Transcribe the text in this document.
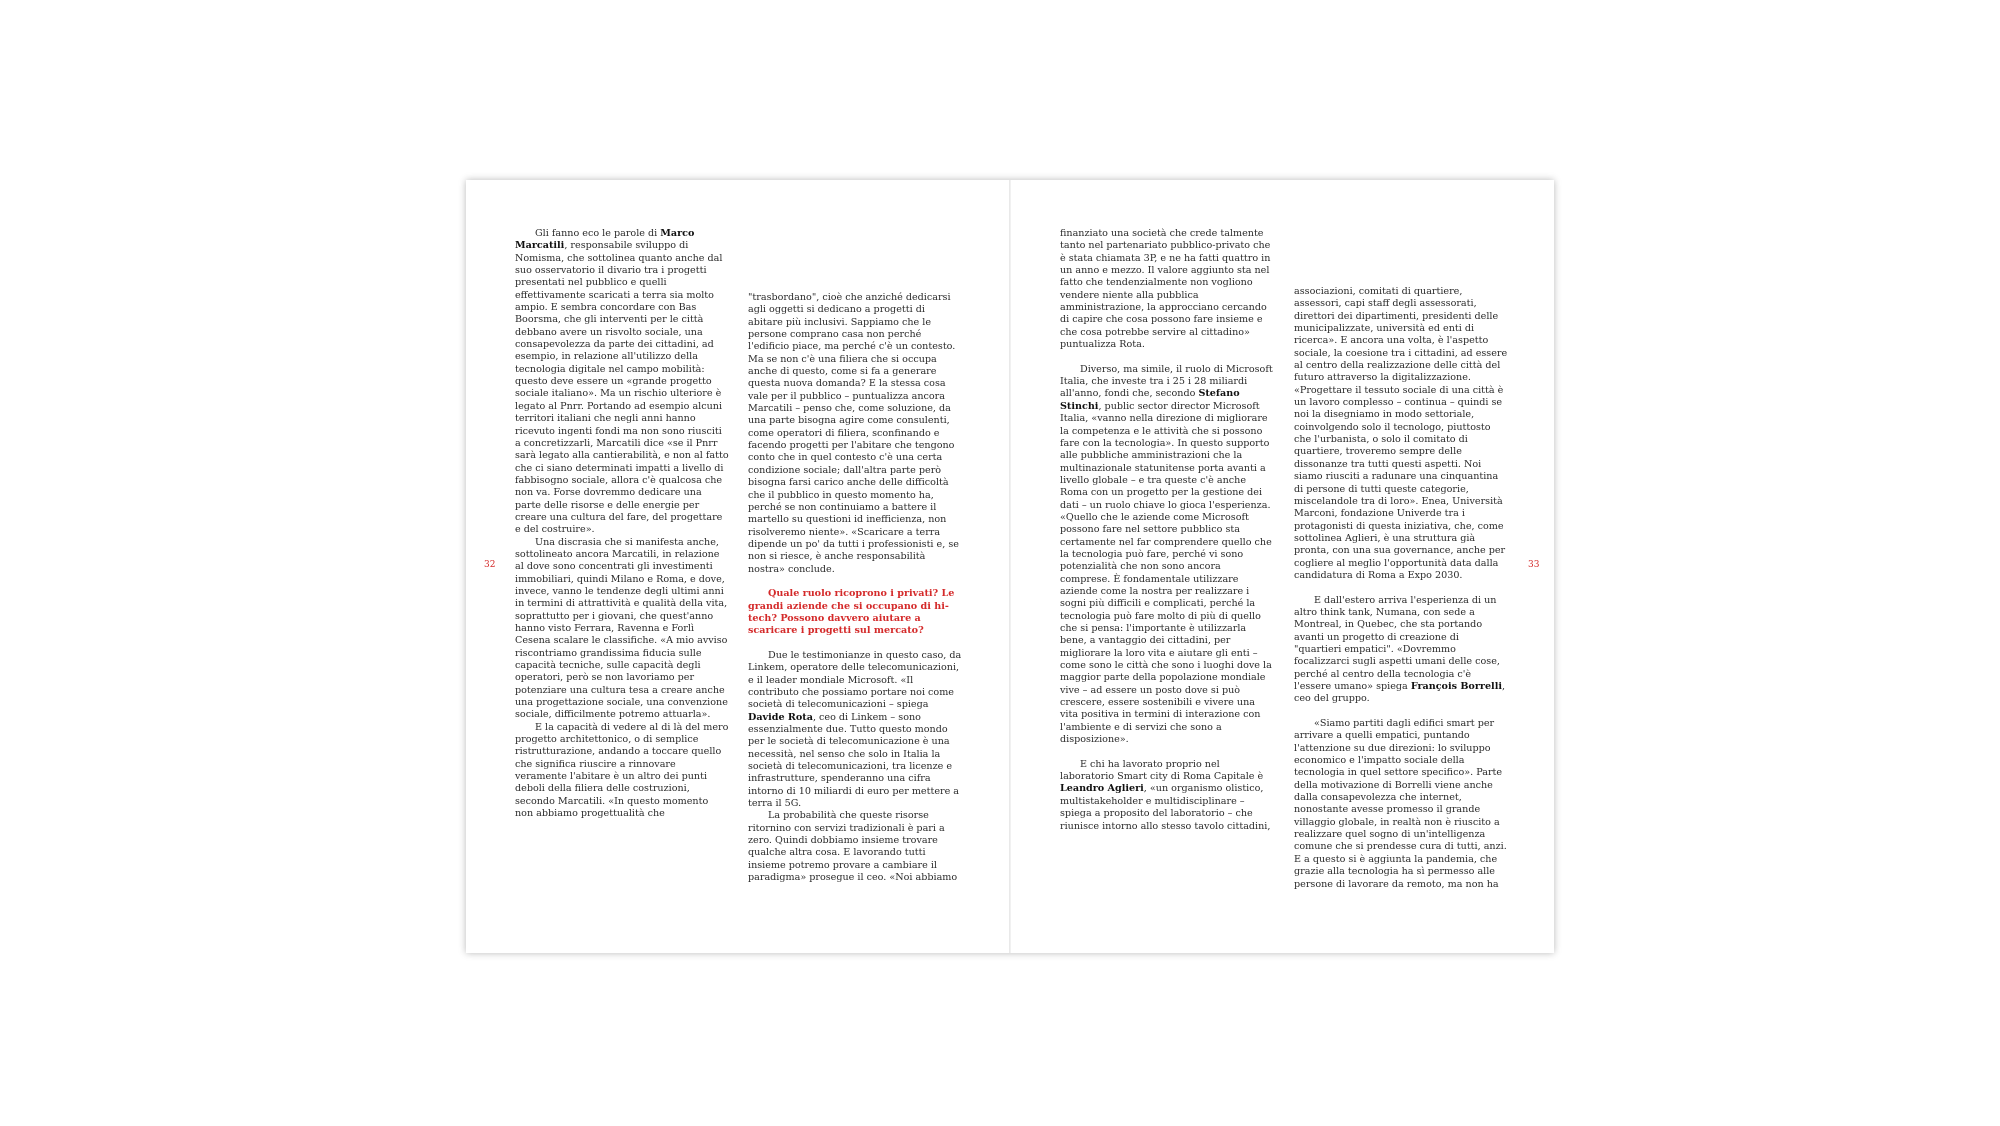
32	33

Gli fanno eco le parole di Marco Marcatili, responsabile sviluppo di Nomisma, che sottolinea quanto anche dal suo osservatorio il divario tra i progetti presentati nel pubblico e quelli effettivamente scaricati a terra sia molto ampio. E sembra concordare con Bas Boorsma, che gli interventi per le città debbano avere un risvolto sociale, una consapevolezza da parte dei cittadini, ad esempio, in relazione all'utilizzo della tecnologia digitale nel campo mobilità: questo deve essere un «grande progetto sociale italiano». Ma un rischio ulteriore è legato al Pnrr. Portando ad esempio alcuni territori italiani che negli anni hanno ricevuto ingenti fondi ma non sono riusciti a concretizzarli, Marcatili dice «se il Pnrr sarà legato alla cantierabilità, e non al fatto che ci siano determinati impatti a livello di fabbisogno sociale, allora c'è qualcosa che non va. Forse dovremmo dedicare una parte delle risorse e delle energie per creare una cultura del fare, del progettare e del costruire».

Una discrasia che si manifesta anche, sottolineato ancora Marcatili, in relazione al dove sono concentrati gli investimenti immobiliari, quindi Milano e Roma, e dove, invece, vanno le tendenze degli ultimi anni in termini di attrattività e qualità della vita, soprattutto per i giovani, che quest'anno hanno visto Ferrara, Ravenna e Forlì Cesena scalare le classifiche. «A mio avviso riscontriamo grandissima fiducia sulle capacità tecniche, sulle capacità degli operatori, però se non lavoriamo per potenziare una cultura tesa a creare anche una progettazione sociale, una convenzione sociale, difficilmente potremo attuarla».

E la capacità di vedere al di là del mero progetto architettonico, o di semplice ristrutturazione, andando a toccare quello che significa riuscire a rinnovare veramente l'abitare è un altro dei punti deboli della filiera delle costruzioni, secondo Marcatili. «In questo momento non abbiamo progettualità che

"trasbordano", cioè che anziché dedicarsi agli oggetti si dedicano a progetti di abitare più inclusivi. Sappiamo che le persone comprano casa non perché l'edificio piace, ma perché c'è un contesto. Ma se non c'è una filiera che si occupa anche di questo, come si fa a generare questa nuova domanda? E la stessa cosa vale per il pubblico – puntualizza ancora Marcatili – penso che, come soluzione, da una parte bisogna agire come consulenti, come operatori di filiera, sconfinando e facendo progetti per l'abitare che tengono conto che in quel contesto c'è una certa condizione sociale; dall'altra parte però bisogna farsi carico anche delle difficoltà che il pubblico in questo momento ha, perché se non continuiamo a battere il martello su questioni id inefficienza, non risolveremo niente». «Scaricare a terra dipende un po' da tutti i professionisti e, se non si riesce, è anche responsabilità nostra» conclude.

Quale ruolo ricoprono i privati? Le grandi aziende che si occupano di hi-tech? Possono davvero aiutare a scaricare i progetti sul mercato?

Due le testimonianze in questo caso, da Linkem, operatore delle telecomunicazioni, e il leader mondiale Microsoft. «Il contributo che possiamo portare noi come società di telecomunicazioni – spiega Davide Rota, ceo di Linkem – sono essenzialmente due. Tutto questo mondo per le società di telecomunicazione è una necessità, nel senso che solo in Italia la società di telecomunicazioni, tra licenze e infrastrutture, spenderanno una cifra intorno di 10 miliardi di euro per mettere a terra il 5G.

La probabilità che queste risorse ritornino con servizi tradizionali è pari a zero. Quindi dobbiamo insieme trovare qualche altra cosa. E lavorando tutti insieme potremo provare a cambiare il paradigma» prosegue il ceo. «Noi abbiamo

finanziato una società che crede talmente tanto nel partenariato pubblico-privato che è stata chiamata 3P, e ne ha fatti quattro in un anno e mezzo. Il valore aggiunto sta nel fatto che tendenzialmente non vogliono vendere niente alla pubblica amministrazione, la approcciano cercando di capire che cosa possono fare insieme e che cosa potrebbe servire al cittadino» puntualizza Rota.

Diverso, ma simile, il ruolo di Microsoft Italia, che investe tra i 25 i 28 miliardi all'anno, fondi che, secondo Stefano Stinchi, public sector director Microsoft Italia, «vanno nella direzione di migliorare la competenza e le attività che si possono fare con la tecnologia». In questo supporto alle pubbliche amministrazioni che la multinazionale statunitense porta avanti a livello globale – e tra queste c'è anche Roma con un progetto per la gestione dei dati – un ruolo chiave lo gioca l'esperienza. «Quello che le aziende come Microsoft possono fare nel settore pubblico sta certamente nel far comprendere quello che la tecnologia può fare, perché vi sono potenzialità che non sono ancora comprese. È fondamentale utilizzare aziende come la nostra per realizzare i sogni più difficili e complicati, perché la tecnologia può fare molto di più di quello che si pensa: l'importante è utilizzarla bene, a vantaggio dei cittadini, per migliorare la loro vita e aiutare gli enti – come sono le città che sono i luoghi dove la maggior parte della popolazione mondiale vive – ad essere un posto dove si può crescere, essere sostenibili e vivere una vita positiva in termini di interazione con l'ambiente e di servizi che sono a disposizione».

E chi ha lavorato proprio nel laboratorio Smart city di Roma Capitale è Leandro Aglieri, «un organismo olistico, multistakeholder e multidisciplinare – spiega a proposito del laboratorio – che riunisce intorno allo stesso tavolo cittadini,

associazioni, comitati di quartiere, assessori, capi staff degli assessorati, direttori dei dipartimenti, presidenti delle municipalizzate, università ed enti di ricerca». E ancora una volta, è l'aspetto sociale, la coesione tra i cittadini, ad essere al centro della realizzazione delle città del futuro attraverso la digitalizzazione. «Progettare il tessuto sociale di una città è un lavoro complesso – continua – quindi se noi la disegniamo in modo settoriale, coinvolgendo solo il tecnologo, piuttosto che l'urbanista, o solo il comitato di quartiere, troveremo sempre delle dissonanze tra tutti questi aspetti. Noi siamo riusciti a radunare una cinquantina di persone di tutti queste categorie, miscelandole tra di loro». Enea, Università Marconi, fondazione Univerde tra i protagonisti di questa iniziativa, che, come sottolinea Aglieri, è una struttura già pronta, con una sua governance, anche per cogliere al meglio l'opportunità data dalla candidatura di Roma a Expo 2030.

E dall'estero arriva l'esperienza di un altro think tank, Numana, con sede a Montreal, in Quebec, che sta portando avanti un progetto di creazione di "quartieri empatici". «Dovremmo focalizzarci sugli aspetti umani delle cose, perché al centro della tecnologia c'è l'essere umano» spiega François Borrelli, ceo del gruppo.

«Siamo partiti dagli edifici smart per arrivare a quelli empatici, puntando l'attenzione su due direzioni: lo sviluppo economico e l'impatto sociale della tecnologia in quel settore specifico». Parte della motivazione di Borrelli viene anche dalla consapevolezza che internet, nonostante avesse promesso il grande villaggio globale, in realtà non è riuscito a realizzare quel sogno di un'intelligenza comune che si prendesse cura di tutti, anzi. E a questo si è aggiunta la pandemia, che grazie alla tecnologia ha sì permesso alle persone di lavorare da remoto, ma non ha
